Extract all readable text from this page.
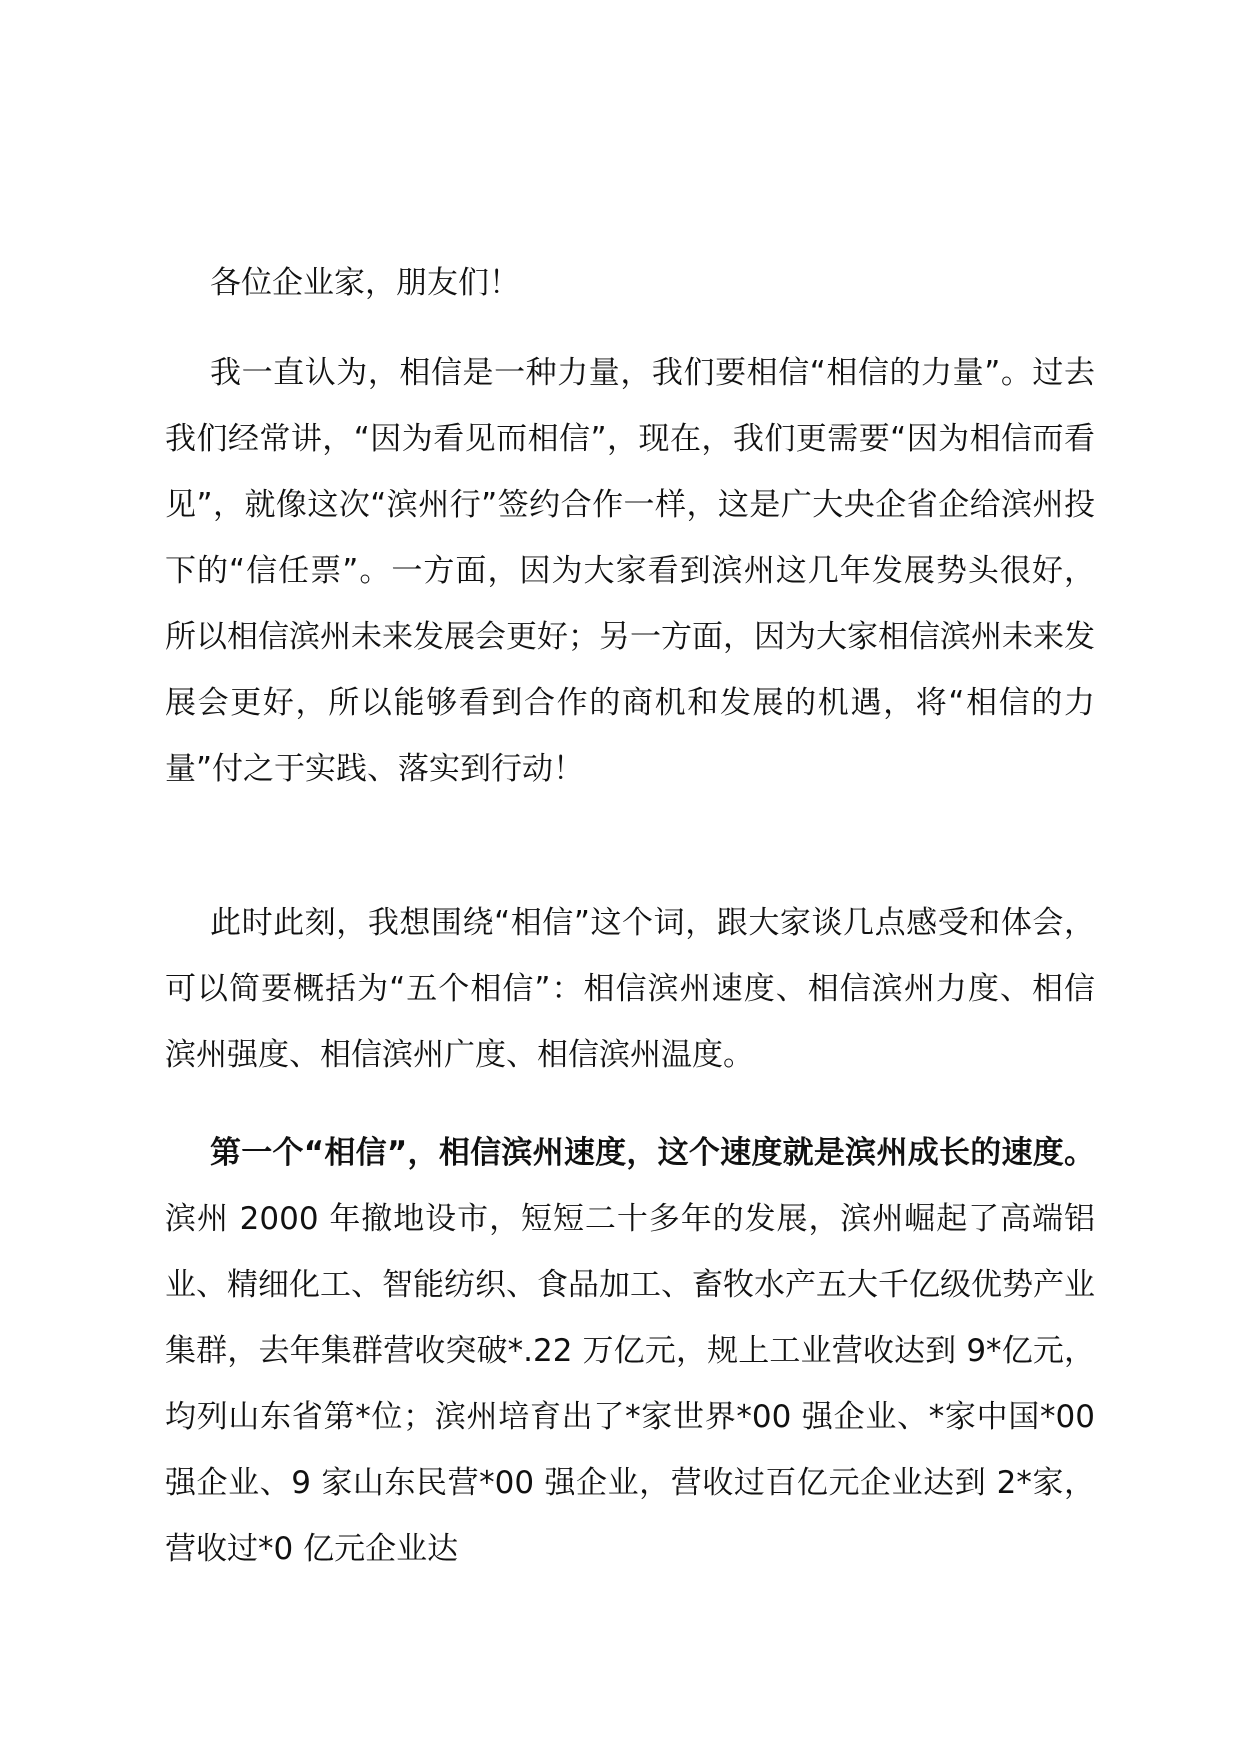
各位企业家，朋友们！

我一直认为，相信是一种力量，我们要相信“相信的力量”。过去我们经常讲，“因为看见而相信”，现在，我们更需要“因为相信而看见”，就像这次“滨州行”签约合作一样，这是广大央企省企给滨州投下的“信任票”。一方面，因为大家看到滨州这几年发展势头很好，所以相信滨州未来发展会更好；另一方面，因为大家相信滨州未来发展会更好，所以能够看到合作的商机和发展的机遇，将“相信的力量”付之于实践、落实到行动！

此时此刻，我想围绕“相信”这个词，跟大家谈几点感受和体会，可以简要概括为“五个相信”：相信滨州速度、相信滨州力度、相信滨州强度、相信滨州广度、相信滨州温度。

第一个“相信”，相信滨州速度，这个速度就是滨州成长的速度。滨州 2000 年撤地设市，短短二十多年的发展，滨州崛起了高端铝业、精细化工、智能纺织、食品加工、畜牧水产五大千亿级优势产业集群，去年集群营收突破*.22 万亿元，规上工业营收达到 9*亿元，均列山东省第*位；滨州培育出了*家世界*00 强企业、*家中国*00 强企业、9 家山东民营*00 强企业，营收过百亿元企业达到 2*家，营收过*0 亿元企业达
